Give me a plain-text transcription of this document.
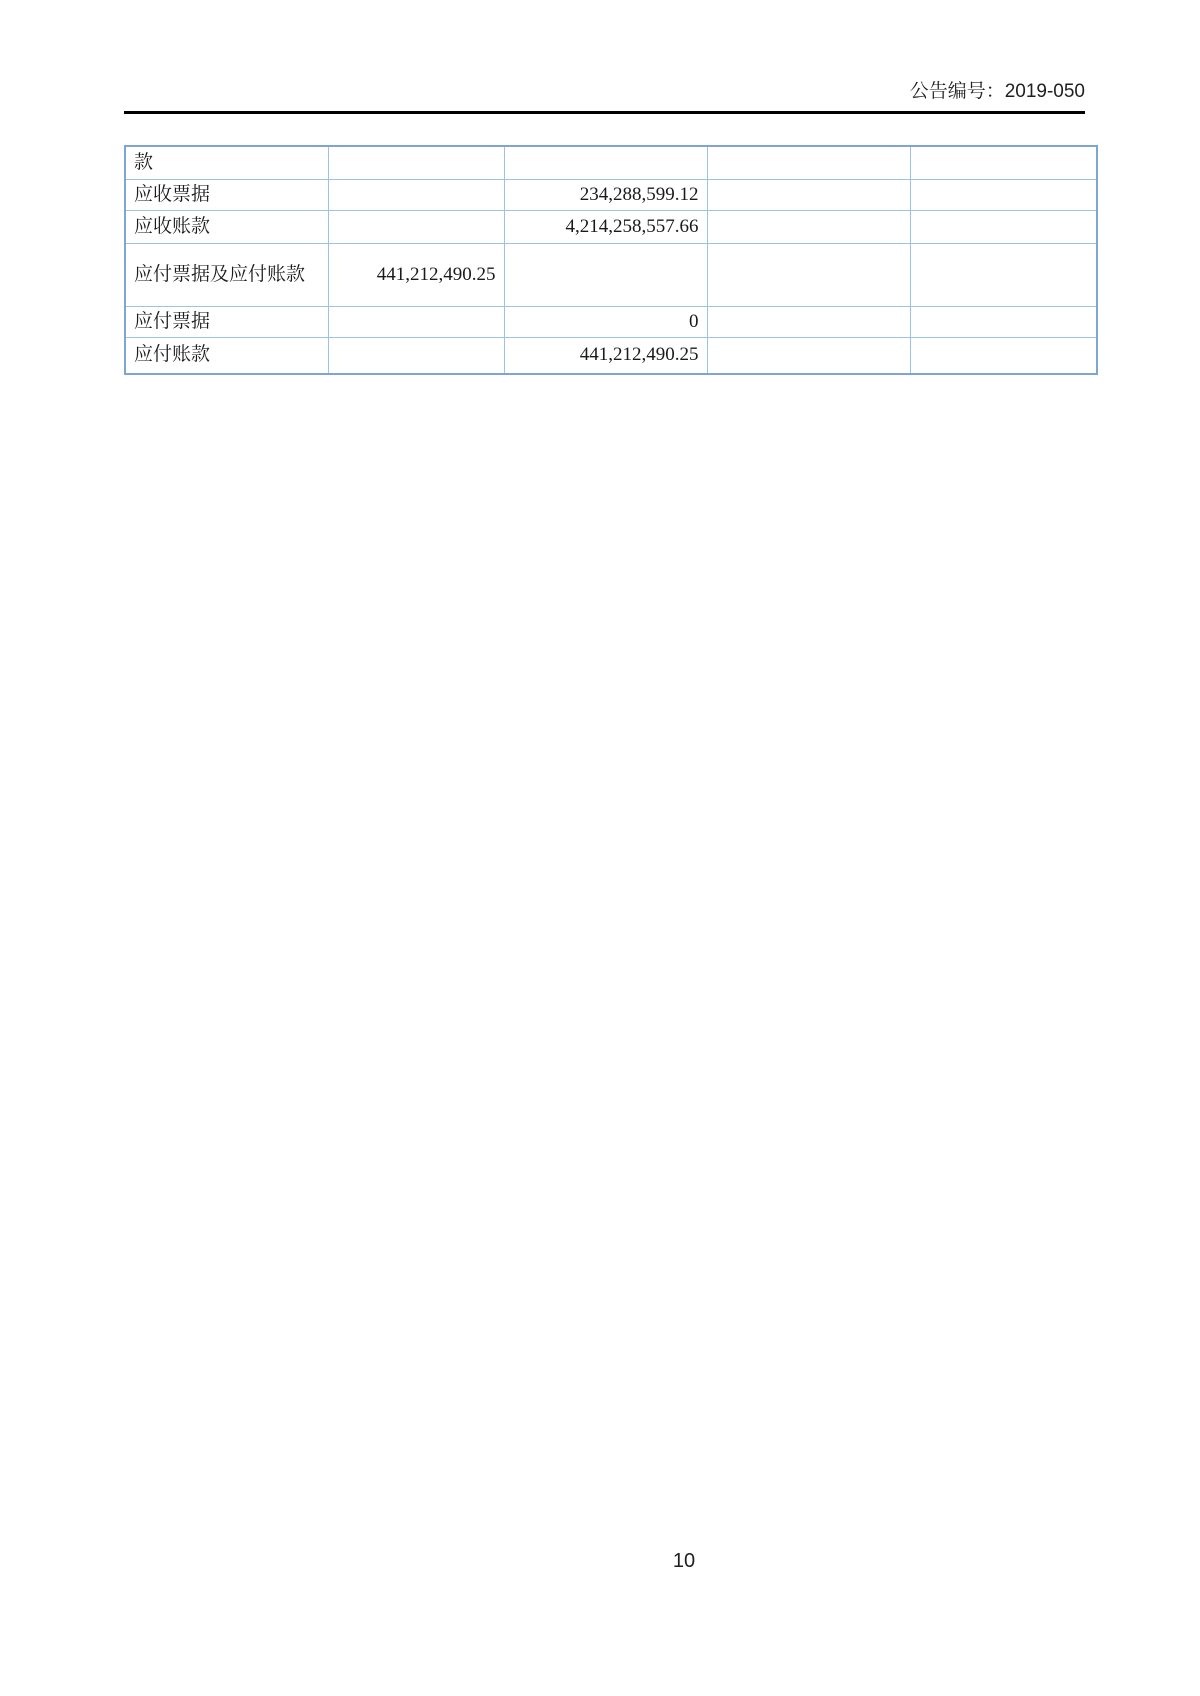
公告编号：2019-050
款				
应收票据		234,288,599.12		
应收账款		4,214,258,557.66		
应付票据及应付账款	441,212,490.25			
应付票据		0		
应付账款		441,212,490.25		
10
